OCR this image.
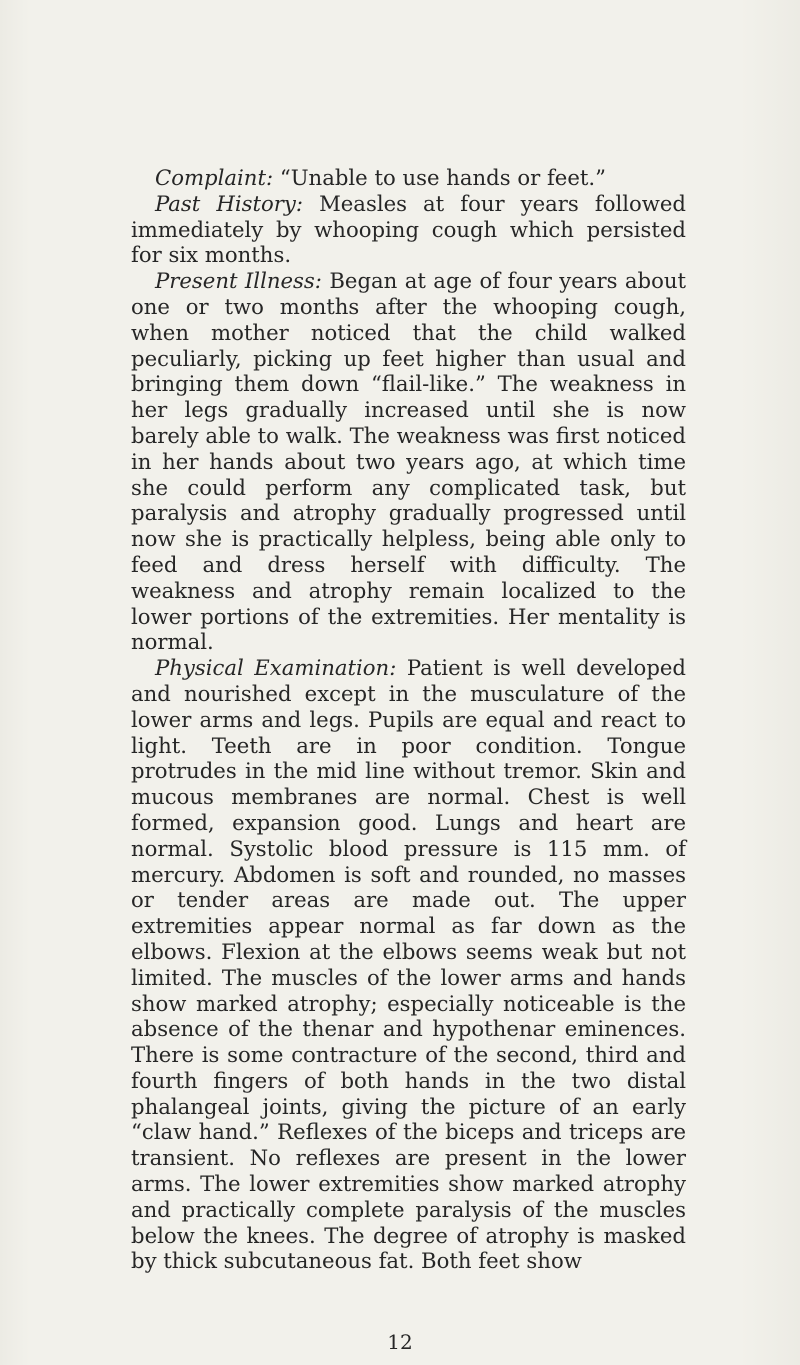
Complaint: “Unable to use hands or feet.”

Past History: Measles at four years followed immediately by whooping cough which persisted for six months.

Present Illness: Began at age of four years about one or two months after the whooping cough, when mother noticed that the child walked peculiarly, picking up feet higher than usual and bringing them down “flail-like.” The weakness in her legs gradually increased until she is now barely able to walk. The weakness was first noticed in her hands about two years ago, at which time she could perform any complicated task, but paralysis and atrophy gradually progressed until now she is practically helpless, being able only to feed and dress herself with difficulty. The weakness and atrophy remain localized to the lower portions of the extremities. Her mentality is normal.

Physical Examination: Patient is well developed and nourished except in the musculature of the lower arms and legs. Pupils are equal and react to light. Teeth are in poor condition. Tongue protrudes in the mid line without tremor. Skin and mucous membranes are normal. Chest is well formed, expansion good. Lungs and heart are normal. Systolic blood pressure is 115 mm. of mercury. Abdomen is soft and rounded, no masses or tender areas are made out. The upper extremities appear normal as far down as the elbows. Flexion at the elbows seems weak but not limited. The muscles of the lower arms and hands show marked atrophy; especially noticeable is the absence of the thenar and hypothenar eminences. There is some contracture of the second, third and fourth fingers of both hands in the two distal phalangeal joints, giving the picture of an early “claw hand.” Reflexes of the biceps and triceps are transient. No reflexes are present in the lower arms. The lower extremities show marked atrophy and practically complete paralysis of the muscles below the knees. The degree of atrophy is masked by thick subcutaneous fat. Both feet show

12
